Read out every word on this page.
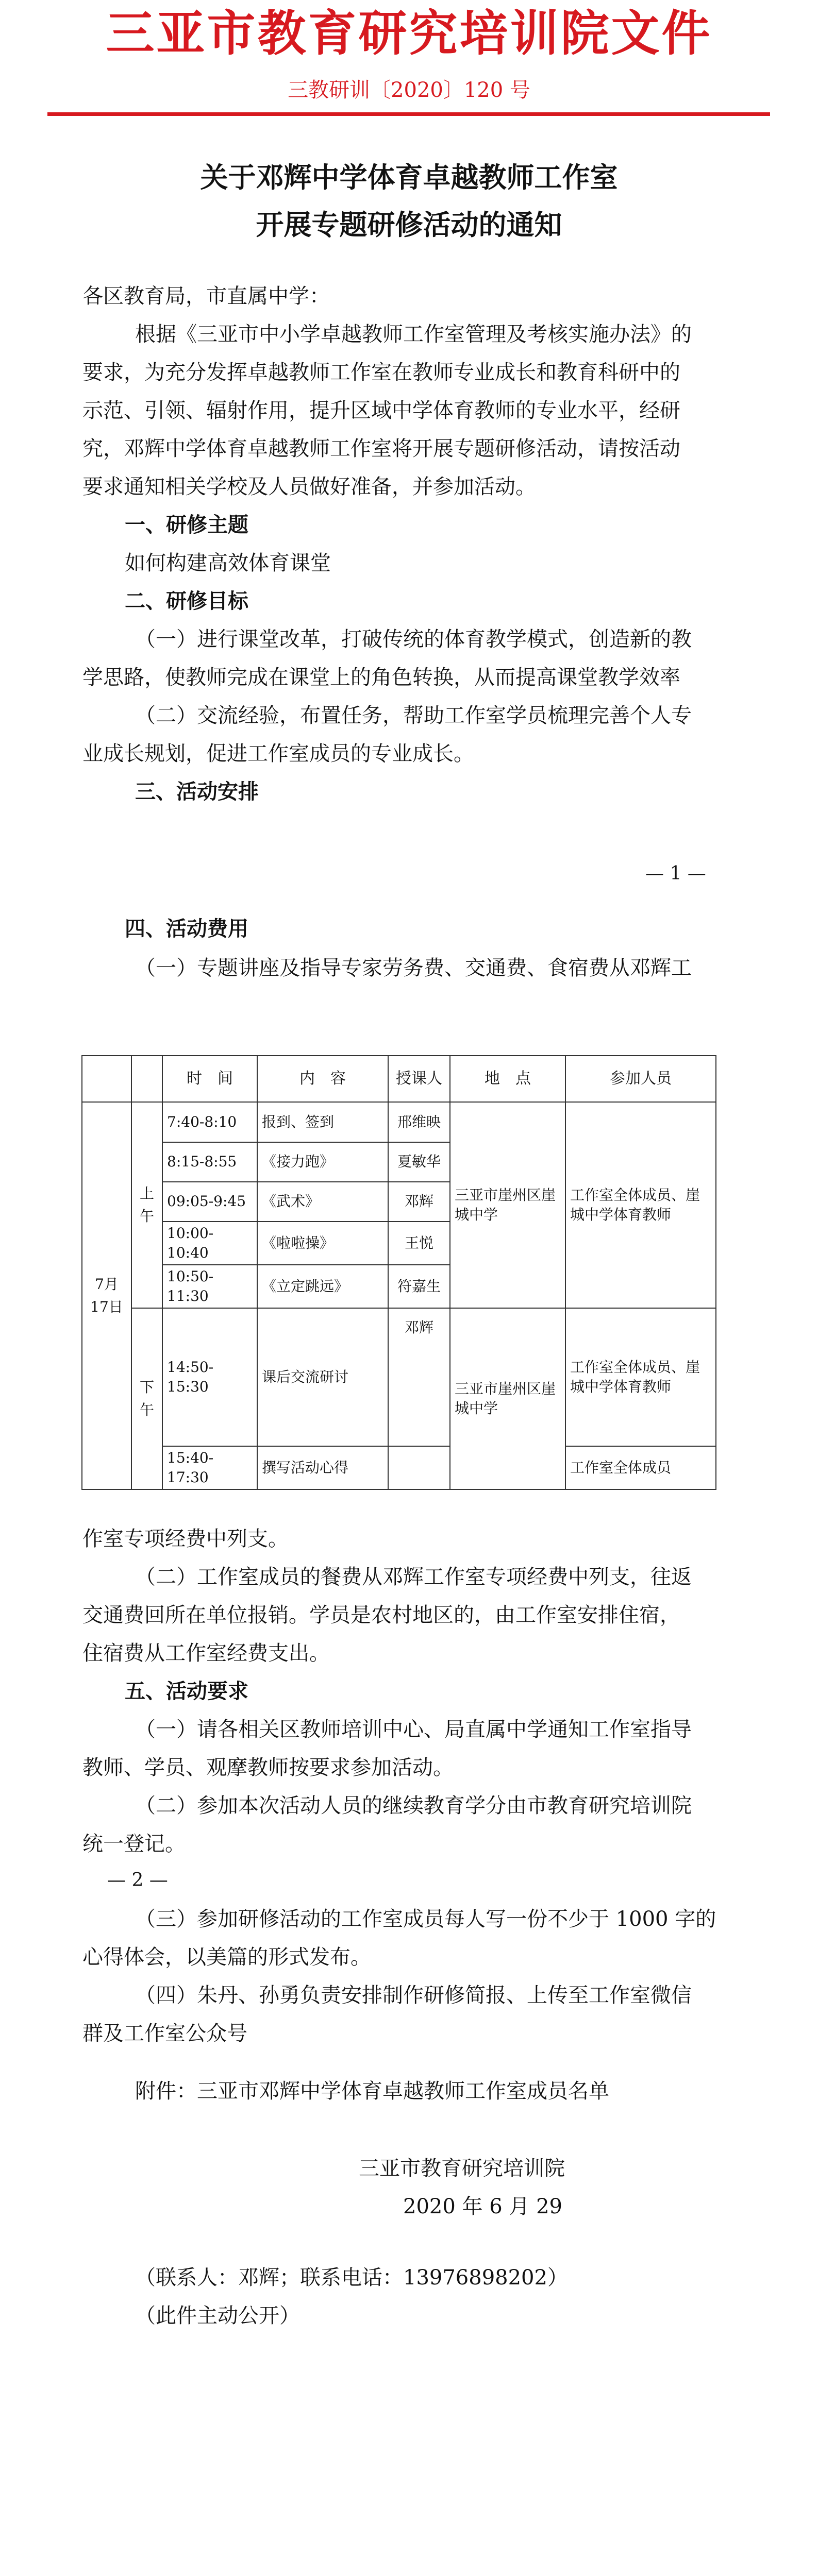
三亚市教育研究培训院文件
三教研训〔2020〕120 号
关于邓辉中学体育卓越教师工作室
开展专题研修活动的通知
各区教育局，市直属中学：
根据《三亚市中小学卓越教师工作室管理及考核实施办法》的
要求，为充分发挥卓越教师工作室在教师专业成长和教育科研中的
示范、引领、辐射作用，提升区域中学体育教师的专业水平，经研
究，邓辉中学体育卓越教师工作室将开展专题研修活动，请按活动
要求通知相关学校及人员做好准备，并参加活动。
一、研修主题
如何构建高效体育课堂
二、研修目标
（一）进行课堂改革，打破传统的体育教学模式，创造新的教
学思路，使教师完成在课堂上的角色转换，从而提高课堂教学效率
（二）交流经验，布置任务，帮助工作室学员梳理完善个人专
业成长规划，促进工作室成员的专业成长。
三、活动安排
— 1 —
四、活动费用
（一）专题讲座及指导专家劳务费、交通费、食宿费从邓辉工
		时　间	内　容	授课人	地　点	参加人员
7月17日	上午	7:40-8:10	报到、签到	邢维映	三亚市崖州区崖城中学	工作室全体成员、崖城中学体育教师
		8:15-8:55	《接力跑》	夏敏华		
		09:05-9:45	《武术》	邓辉		
		10:00-10:40	《啦啦操》	王悦		
		10:50-11:30	《立定跳远》	符嘉生		
	下午	14:50-15:30	课后交流研讨	邓辉	三亚市崖州区崖城中学	工作室全体成员、崖城中学体育教师
		15:40-17:30	撰写活动心得			工作室全体成员
作室专项经费中列支。
（二）工作室成员的餐费从邓辉工作室专项经费中列支，往返
交通费回所在单位报销。学员是农村地区的，由工作室安排住宿，
住宿费从工作室经费支出。
五、活动要求
（一）请各相关区教师培训中心、局直属中学通知工作室指导
教师、学员、观摩教师按要求参加活动。
（二）参加本次活动人员的继续教育学分由市教育研究培训院
统一登记。
— 2 —
（三）参加研修活动的工作室成员每人写一份不少于 1000 字的
心得体会，以美篇的形式发布。
（四）朱丹、孙勇负责安排制作研修简报、上传至工作室微信
群及工作室公众号
附件：三亚市邓辉中学体育卓越教师工作室成员名单
三亚市教育研究培训院
2020 年 6 月 29
（联系人：邓辉；联系电话：13976898202）
（此件主动公开）
